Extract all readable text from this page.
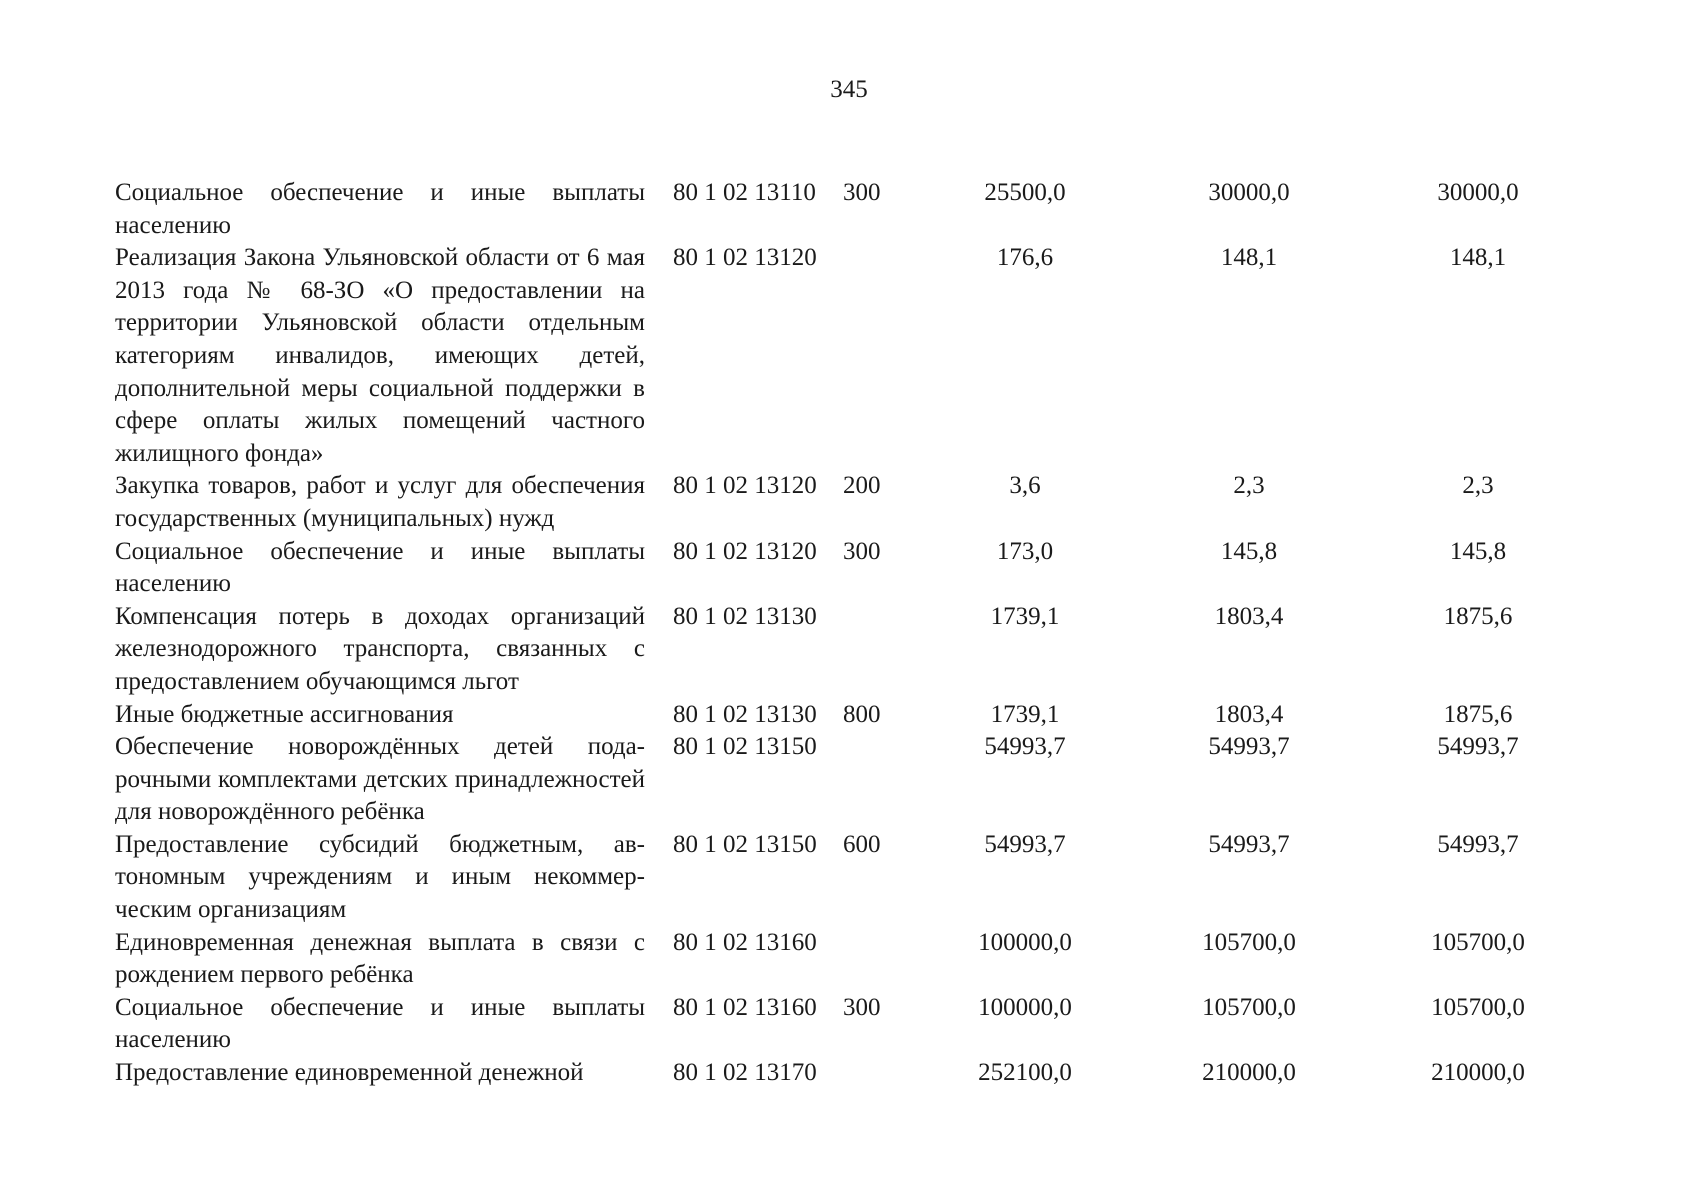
345
Социальное обеспечение и иные выплаты населению	80 1 02 13110	300	25500,0	30000,0	30000,0
Реализация Закона Ульяновской области от 6 мая 2013 года № 68-ЗО «О предоставлении на территории Ульяновской области отдельным категориям инвалидов, имеющих детей, дополнительной меры социальной поддержки в сфере оплаты жилых помещений частного жилищного фонда»	80 1 02 13120		176,6	148,1	148,1
Закупка товаров, работ и услуг для обеспечения государственных (муниципальных) нужд	80 1 02 13120	200	3,6	2,3	2,3
Социальное обеспечение и иные выплаты населению	80 1 02 13120	300	173,0	145,8	145,8
Компенсация потерь в доходах организаций железнодорожного транспорта, связанных с предоставлением обучающимся льгот	80 1 02 13130		1739,1	1803,4	1875,6
Иные бюджетные ассигнования	80 1 02 13130	800	1739,1	1803,4	1875,6
Обеспечение новорождённых детей подарочными комплектами детских принадлежностей для новорождённого ребёнка	80 1 02 13150		54993,7	54993,7	54993,7
Предоставление субсидий бюджетным, автономным учреждениям и иным некоммерческим организациям	80 1 02 13150	600	54993,7	54993,7	54993,7
Единовременная денежная выплата в связи с рождением первого ребёнка	80 1 02 13160		100000,0	105700,0	105700,0
Социальное обеспечение и иные выплаты населению	80 1 02 13160	300	100000,0	105700,0	105700,0
Предоставление единовременной денежной	80 1 02 13170		252100,0	210000,0	210000,0
